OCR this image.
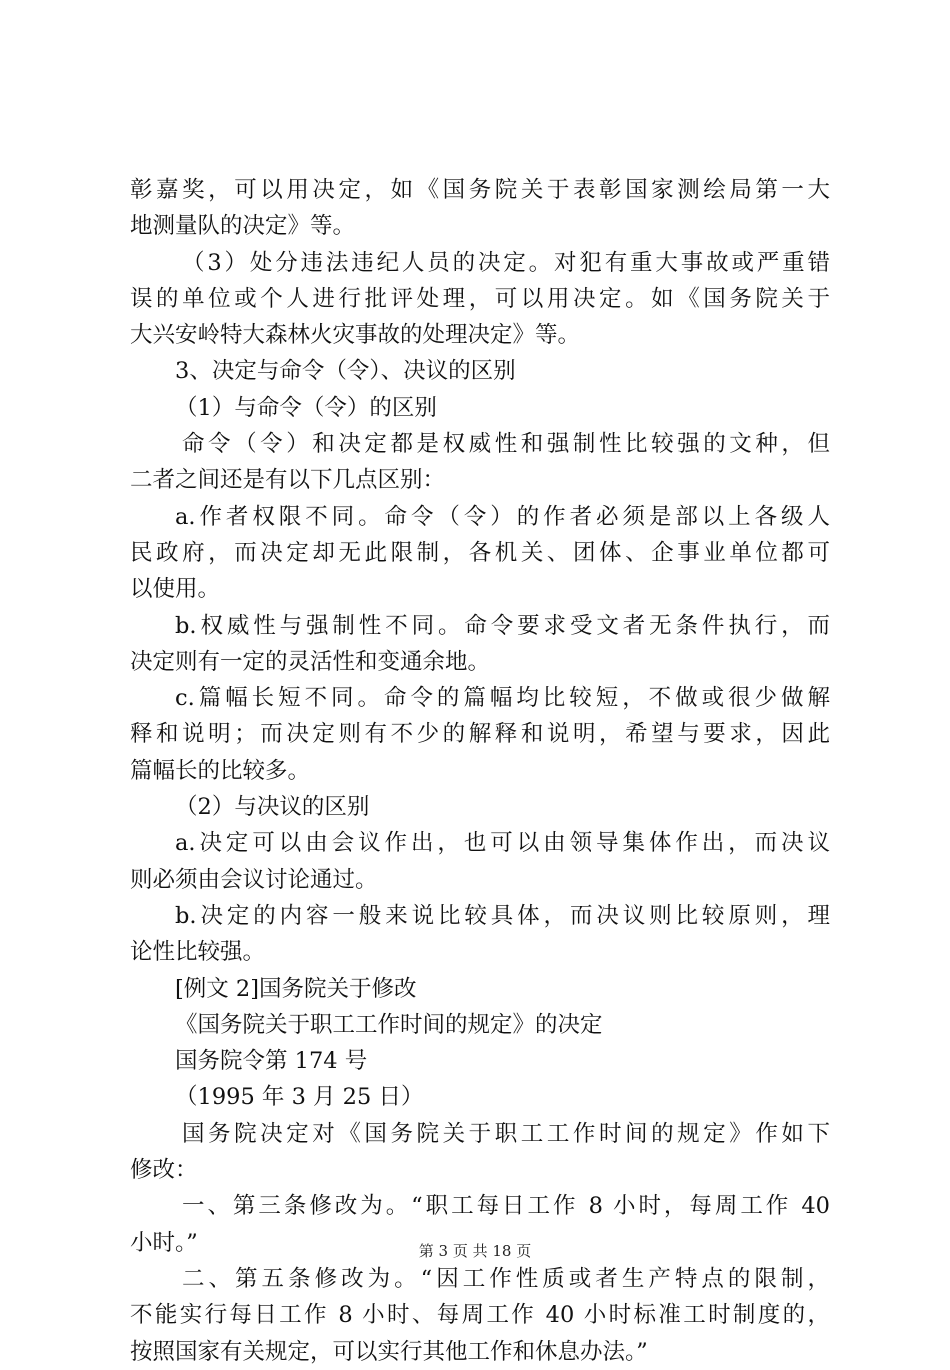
彰嘉奖，可以用决定，如《国务院关于表彰国家测绘局第一大
地测量队的决定》等。
（3）处分违法违纪人员的决定。对犯有重大事故或严重错
误的单位或个人进行批评处理，可以用决定。如《国务院关于
大兴安岭特大森林火灾事故的处理决定》等。
3、决定与命令（令）、决议的区别
（1）与命令（令）的区别
命令（令）和决定都是权威性和强制性比较强的文种，但
二者之间还是有以下几点区别：
a.作者权限不同。命令（令）的作者必须是部以上各级人
民政府，而决定却无此限制，各机关、团体、企事业单位都可
以使用。
b.权威性与强制性不同。命令要求受文者无条件执行，而
决定则有一定的灵活性和变通余地。
c.篇幅长短不同。命令的篇幅均比较短，不做或很少做解
释和说明；而决定则有不少的解释和说明，希望与要求，因此
篇幅长的比较多。
（2）与决议的区别
a.决定可以由会议作出，也可以由领导集体作出，而决议
则必须由会议讨论通过。
b.决定的内容一般来说比较具体，而决议则比较原则，理
论性比较强。
[例文 2]国务院关于修改
《国务院关于职工工作时间的规定》的决定
国务院令第 174 号
（1995 年 3 月 25 日）
国务院决定对《国务院关于职工工作时间的规定》作如下
修改：
一、第三条修改为。“职工每日工作 8 小时，每周工作 40
小时。”
二、第五条修改为。“因工作性质或者生产特点的限制，
不能实行每日工作 8 小时、每周工作 40 小时标准工时制度的，
按照国家有关规定，可以实行其他工作和休息办法。”
第 3 页 共 18 页
